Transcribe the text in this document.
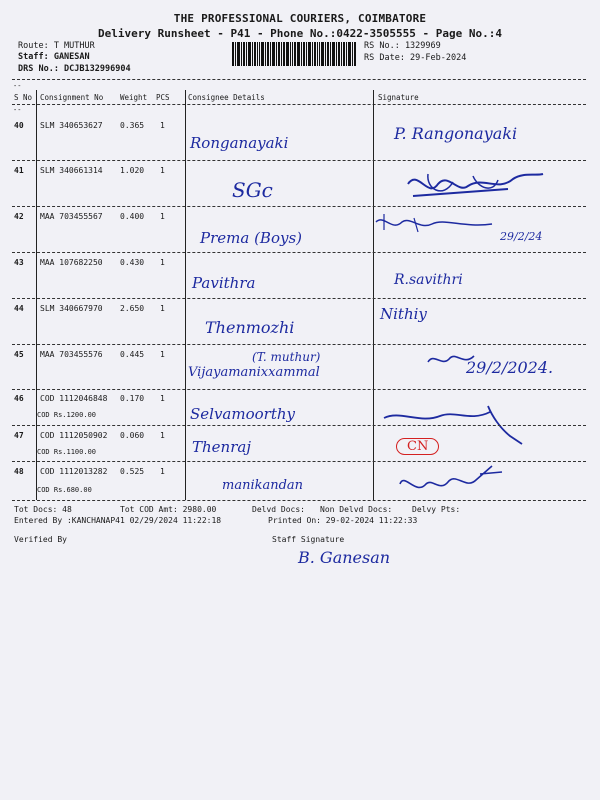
THE PROFESSIONAL COURIERS, COIMBATORE
Delivery Runsheet - P41 - Phone No.:0422-3505555 - Page No.:4
Route: T MUTHUR
Staff: GANESAN
DRS No.: DCJB132996904
RS No.: 1329969
RS Date: 29-Feb-2024
--
--
S No Consignment No Weight PCS Consignee Details	Signature
40 SLM 340653627 0.365 1
Ronganayaki	P. Rangonayaki
41 SLM 340661314 1.020 1
SGc
42 MAA 703455567 0.400 1
Prema (Boys)	29/2/24
43 MAA 107682250 0.430 1
Pavithra	R.savithri
44 SLM 340667970 2.650 1
Thenmozhi
Nithiy
45 MAA 703455576 0.445 1	(T. muthur)
Vijayamanixxammal	29/2/2024.
46 COD 1112046848 0.170 1
COD Rs.1200.00	Selvamoorthy
47 COD 1112050902 0.060 1
COD Rs.1100.00	Thenraj	CN
48 COD 1112013282 0.525 1
COD Rs.680.00	manikandan
Tot Docs: 48	Tot COD Amt: 2980.00	Delvd Docs: Non Delvd Docs: Delvy Pts:
Entered By :KANCHANAP41 02/29/2024 11:22:18	Printed On: 29-02-2024 11:22:33
Verified By	Staff Signature
B. Ganesan
